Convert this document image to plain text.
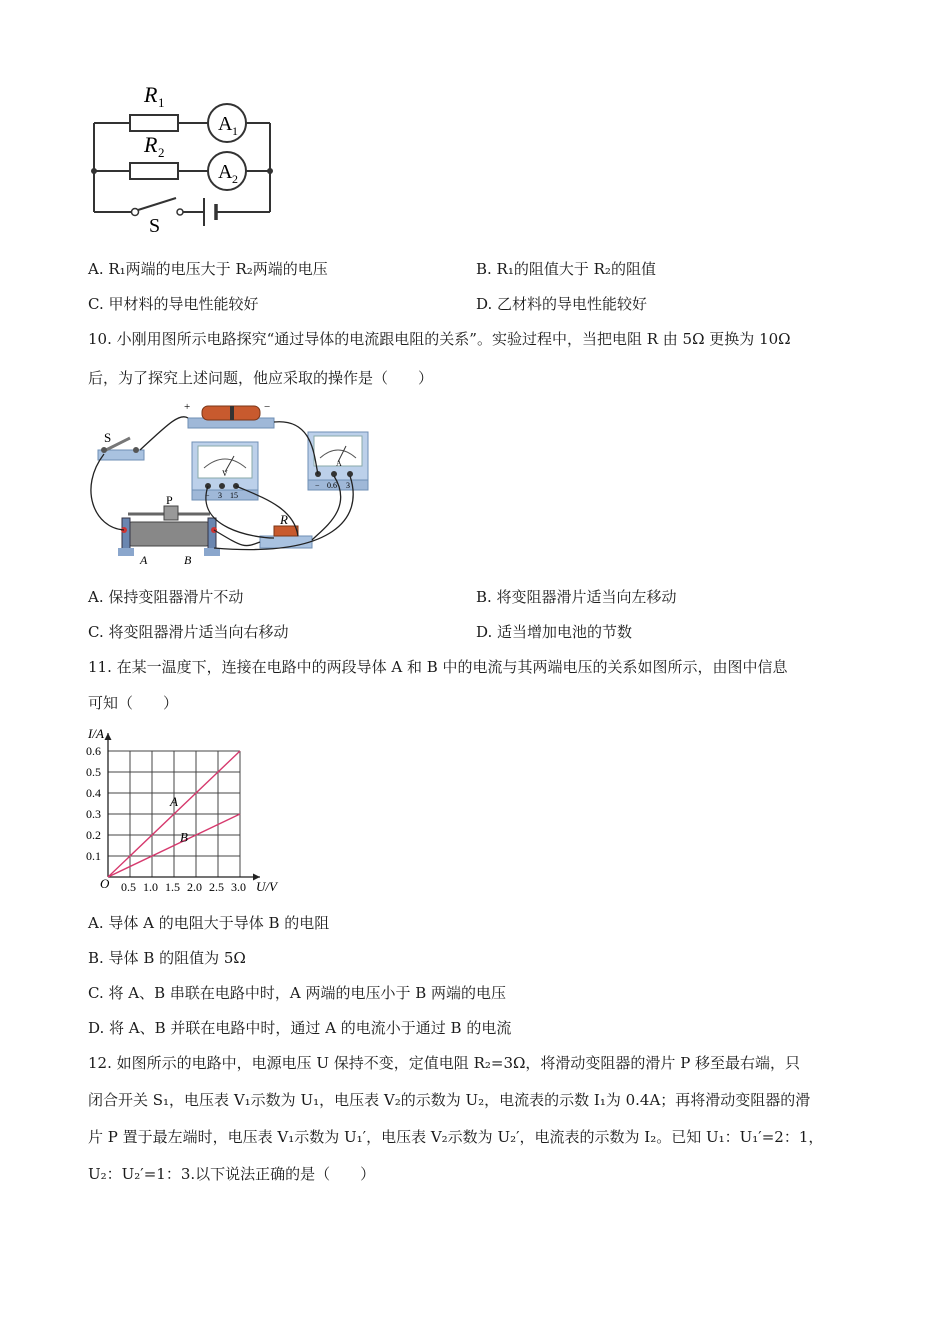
R 1
R 2
A 1
A 2
S
A. R₁两端的电压大于 R₂两端的电压	B. R₁的阻值大于 R₂的阻值
C. 甲材料的导电性能较好	D. 乙材料的导电性能较好
10. 小刚用图所示电路探究“通过导体的电流跟电阻的关系”。实验过程中，当把电阻 R 由 5Ω 更换为 10Ω
后，为了探究上述问题，他应采取的操作是（　　）
+	−
S
V
− 3 15
A
− 0.6 3
R
P
A	B
A. 保持变阻器滑片不动	B. 将变阻器滑片适当向左移动
C. 将变阻器滑片适当向右移动	D. 适当增加电池的节数
11. 在某一温度下，连接在电路中的两段导体 A 和 B 中的电流与其两端电压的关系如图所示，由图中信息
可知（　　）
0.5 1.0 1.5 2.0 2.5 3.0
0.1
0.2
0.3
0.4
0.5
0.6
A
B
I/A
U/V
O
A. 导体 A 的电阻大于导体 B 的电阻
B. 导体 B 的阻值为 5Ω
C. 将 A、B 串联在电路中时，A 两端的电压小于 B 两端的电压
D. 将 A、B 并联在电路中时，通过 A 的电流小于通过 B 的电流
12. 如图所示的电路中，电源电压 U 保持不变，定值电阻 R₂=3Ω，将滑动变阻器的滑片 P 移至最右端，只
闭合开关 S₁，电压表 V₁示数为 U₁，电压表 V₂的示数为 U₂，电流表的示数 I₁为 0.4A；再将滑动变阻器的滑
片 P 置于最左端时，电压表 V₁示数为 U₁′，电压表 V₂示数为 U₂′，电流表的示数为 I₂。已知 U₁：U₁′=2：1，
U₂：U₂′=1：3.以下说法正确的是（　　）
